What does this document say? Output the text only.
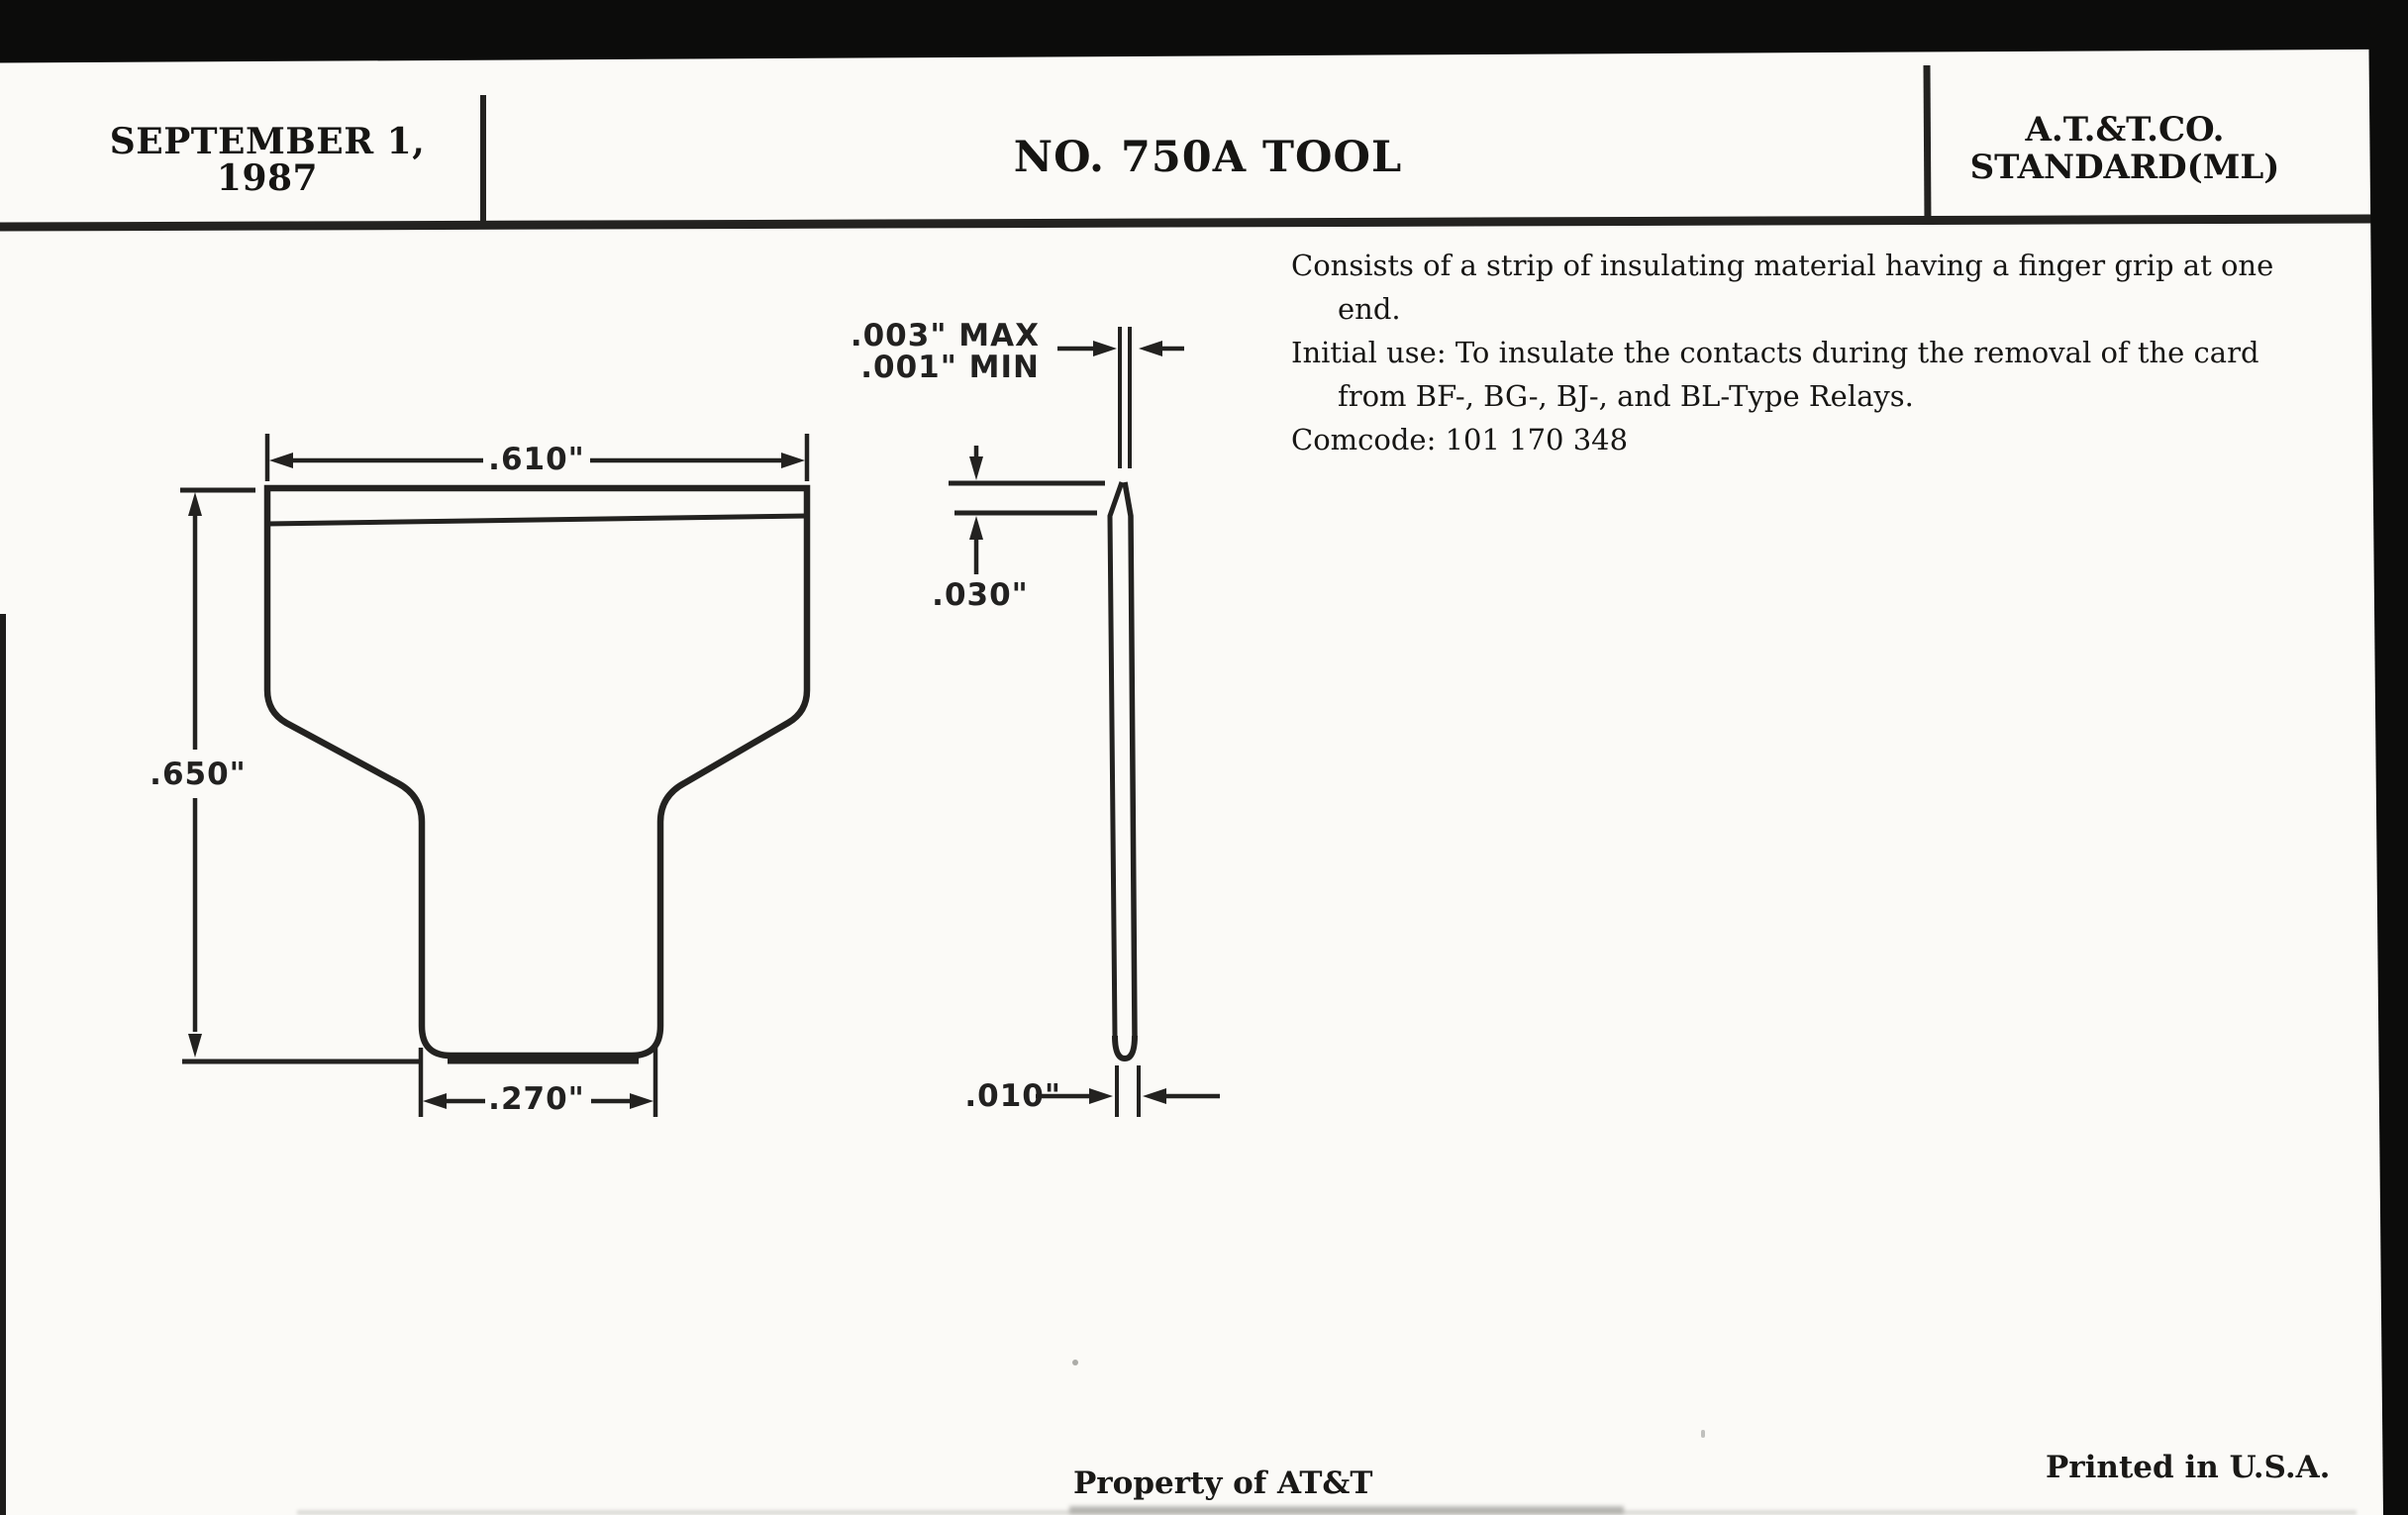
SEPTEMBER 1,
1987	NO. 750A TOOL
A.T.&T.CO.
STANDARD(ML)
Consists of a strip of insulating material having a finger grip at one
end.
Initial use: To insulate the contacts during the removal of the card
from BF-, BG-, BJ-, and BL-Type Relays.
Comcode: 101 170 348
.610"
.650"
.270"
.003" MAX
.001" MIN
.030"
.010"
Property of AT&T	Printed in U.S.A.
